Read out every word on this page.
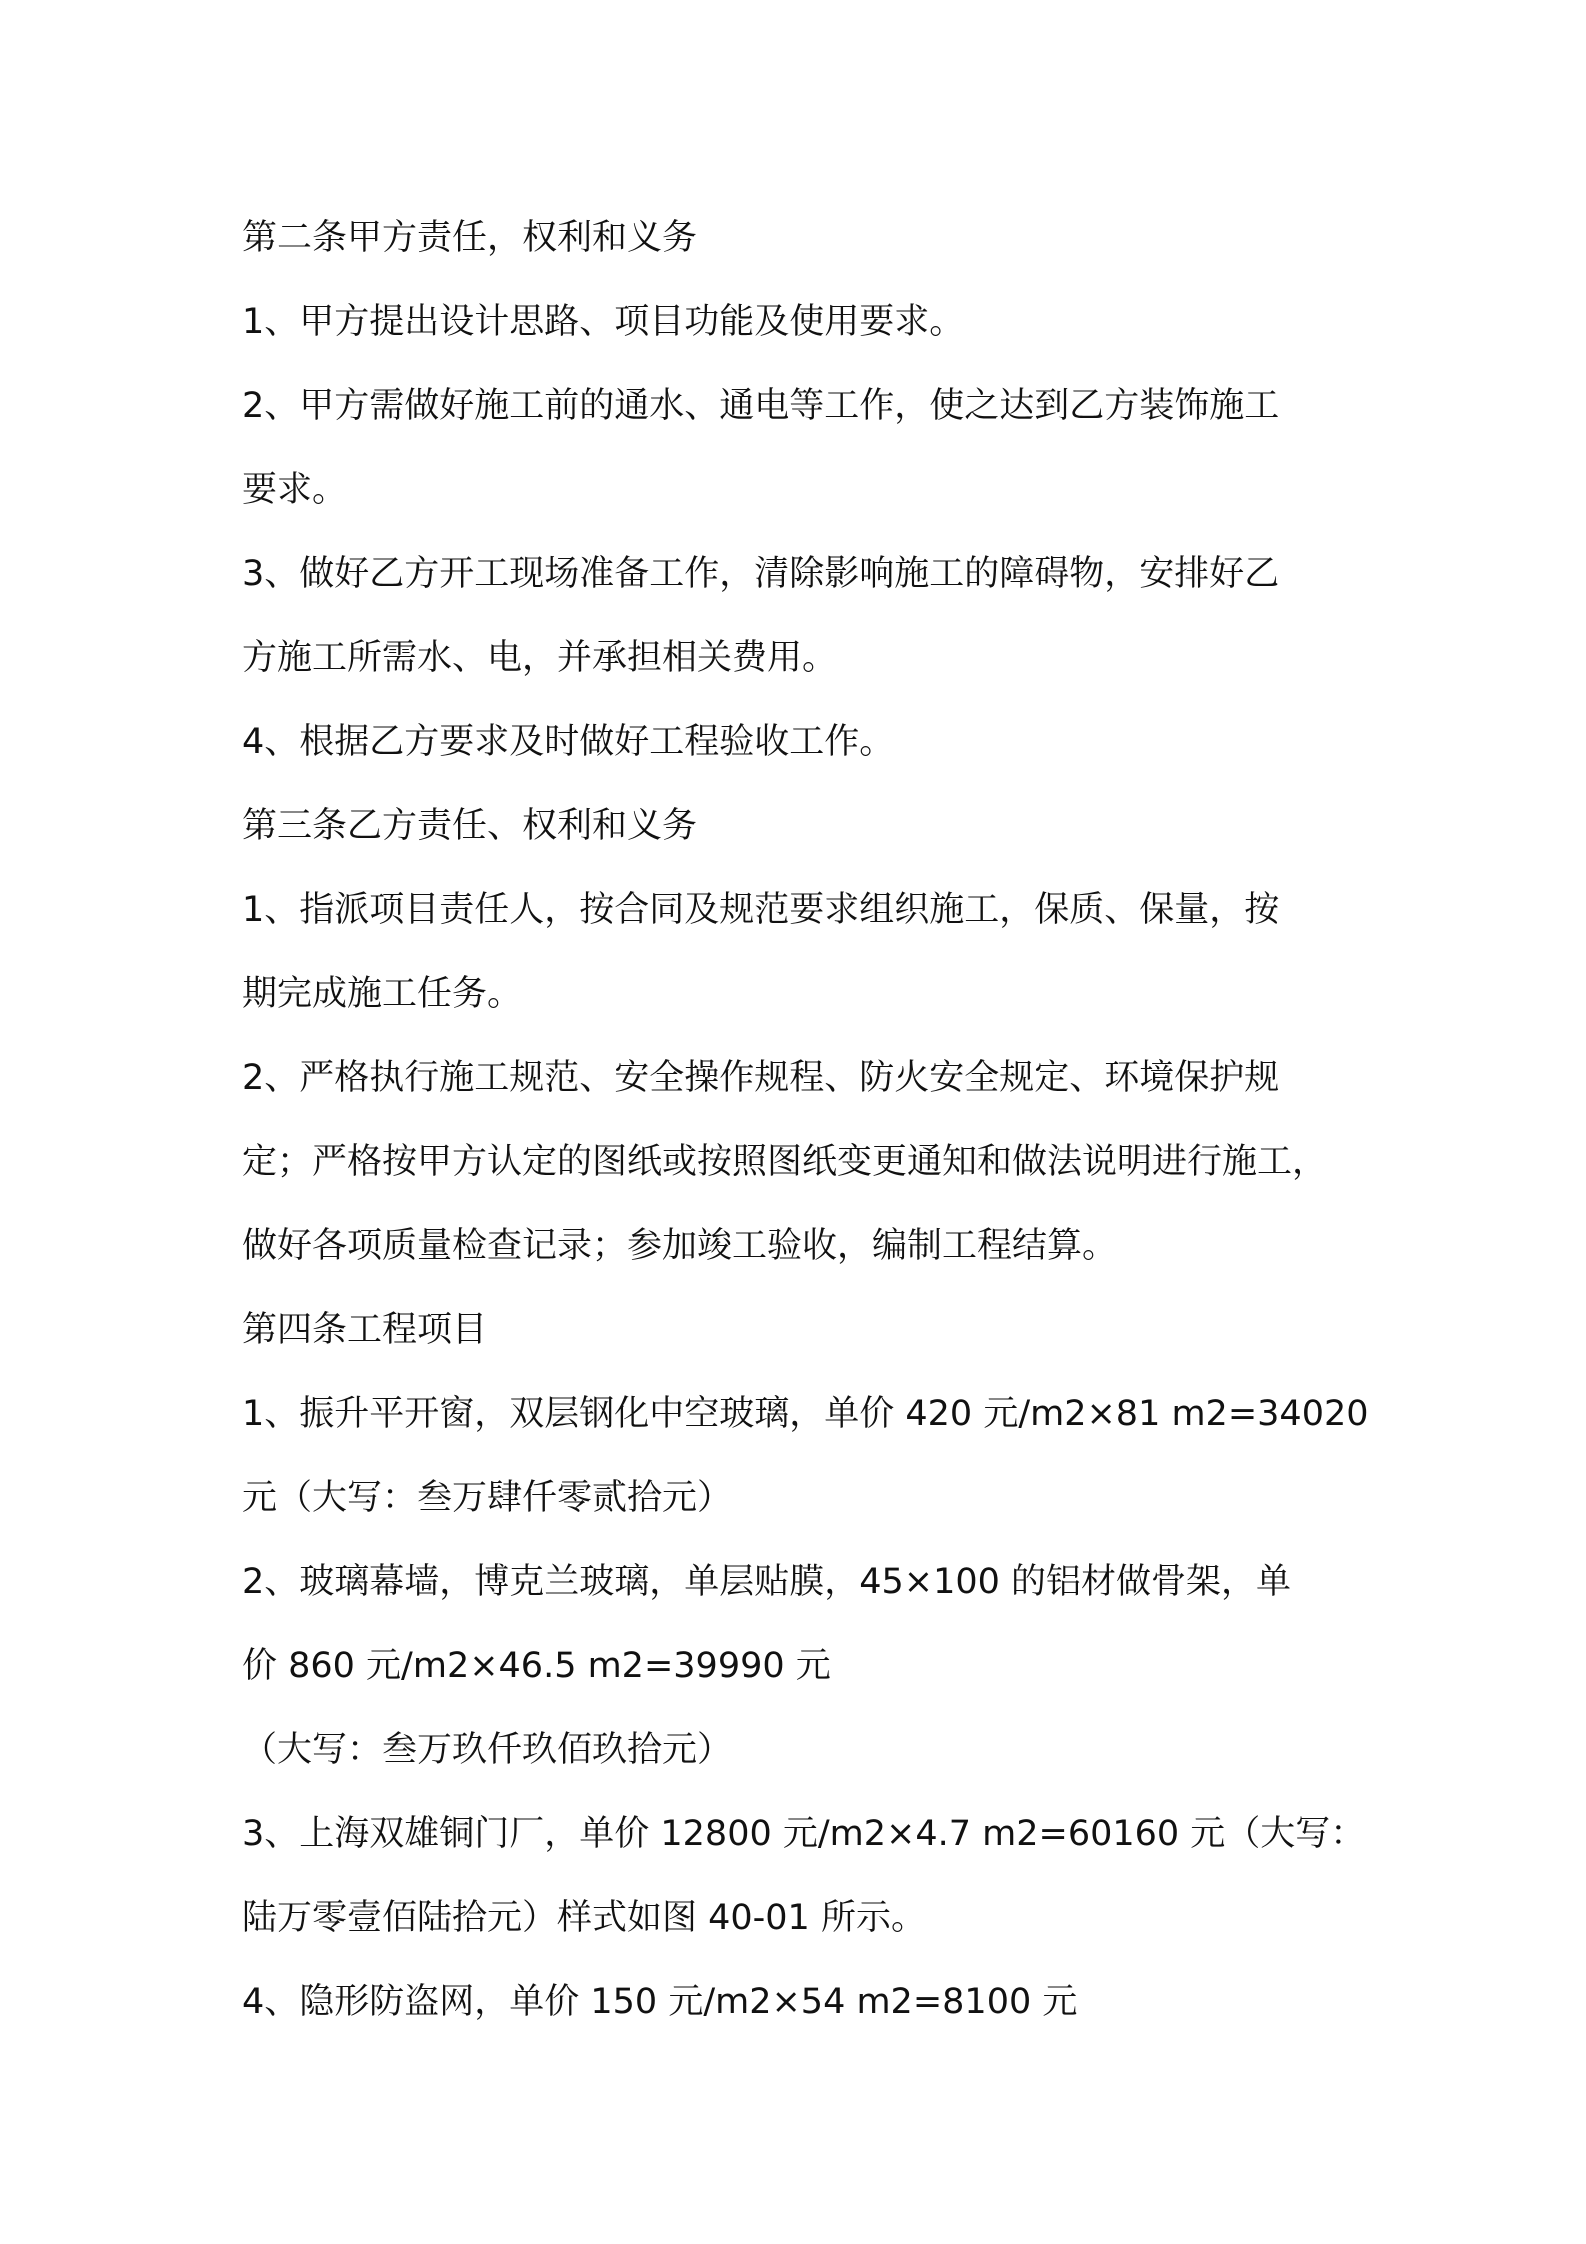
第二条甲方责任，权利和义务
1、甲方提出设计思路、项目功能及使用要求。
2、甲方需做好施工前的通水、通电等工作，使之达到乙方装饰施工
要求。
3、做好乙方开工现场准备工作，清除影响施工的障碍物，安排好乙
方施工所需水、电，并承担相关费用。
4、根据乙方要求及时做好工程验收工作。
第三条乙方责任、权利和义务
1、指派项目责任人，按合同及规范要求组织施工，保质、保量，按
期完成施工任务。
2、严格执行施工规范、安全操作规程、防火安全规定、环境保护规
定；严格按甲方认定的图纸或按照图纸变更通知和做法说明进行施工，
做好各项质量检查记录；参加竣工验收，编制工程结算。
第四条工程项目
1、振升平开窗，双层钢化中空玻璃，单价 420 元/m2×81 m2=34020
元（大写：叁万肆仟零贰拾元）
2、玻璃幕墙，博克兰玻璃，单层贴膜，45×100 的铝材做骨架，单
价 860 元/m2×46.5 m2=39990 元
（大写：叁万玖仟玖佰玖拾元）
3、上海双雄铜门厂，单价 12800 元/m2×4.7 m2=60160 元（大写：
陆万零壹佰陆拾元）样式如图 40-01 所示。
4、隐形防盗网，单价 150 元/m2×54 m2=8100 元
